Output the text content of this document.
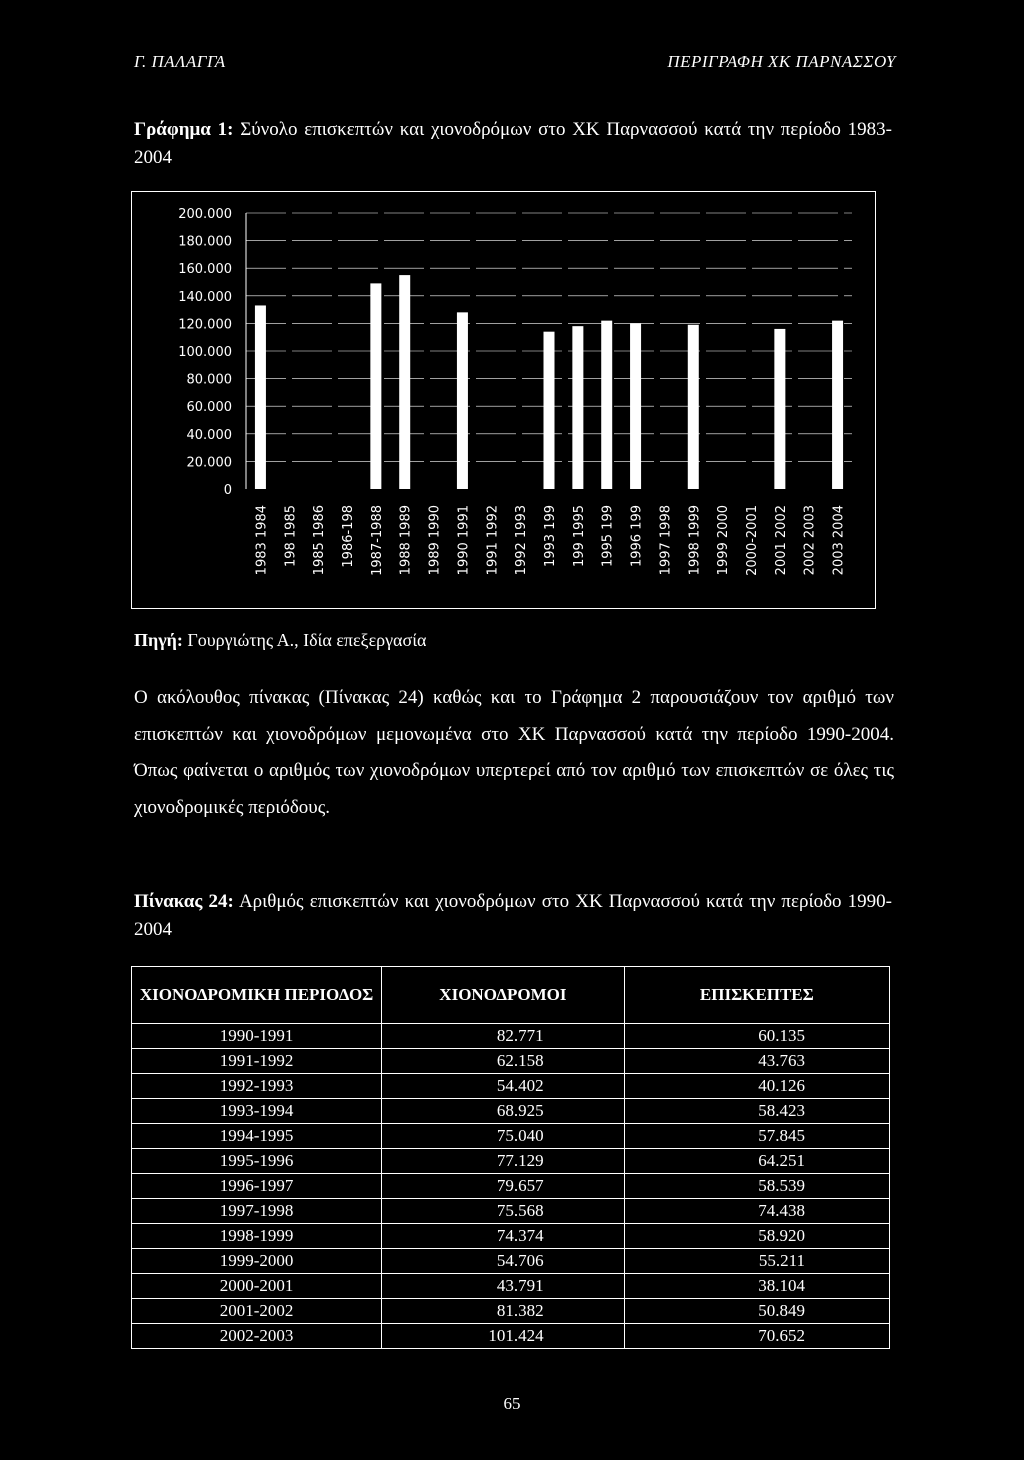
Γ. ΠΑΛΑΓΓΑ	ΠΕΡΙΓΡΑΦΗ ΧΚ ΠΑΡΝΑΣΣΟΥ
Γράφημα 1: Σύνολο επισκεπτών και χιονοδρόμων στο ΧΚ Παρνασσού κατά την περίοδο 1983-2004
200.000
180.000
160.000
140.000
120.000
100.000
80.000
60.000
40.000
20.000
0
1983 1984 198 1985 1985 1986 1986-198 1987-1988 1988 1989 1989 1990 1990 1991 1991 1992 1992 1993 1993 199 199 1995 1995 199 1996 199 1997 1998 1998 1999 1999 2000 2000-2001 2001 2002 2002 2003 2003 2004
Πηγή: Γουργιώτης Α., Ιδία επεξεργασία
Ο ακόλουθος πίνακας (Πίνακας 24) καθώς και το Γράφημα 2 παρουσιάζουν τον αριθμό των επισκεπτών και χιονοδρόμων μεμονωμένα στο ΧΚ Παρνασσού κατά την περίοδο 1990-2004. Όπως φαίνεται ο αριθμός των χιονοδρόμων υπερτερεί από τον αριθμό των επισκεπτών σε όλες τις χιονοδρομικές περιόδους.
Πίνακας 24: Αριθμός επισκεπτών και χιονοδρόμων στο ΧΚ Παρνασσού κατά την περίοδο 1990-2004
ΧΙΟΝΟΔΡΟΜΙΚΗ ΠΕΡΙΟΔΟΣ	ΧΙΟΝΟΔΡΟΜΟΙ	ΕΠΙΣΚΕΠΤΕΣ
1990-1991	82.771	60.135
1991-1992	62.158	43.763
1992-1993	54.402	40.126
1993-1994	68.925	58.423
1994-1995	75.040	57.845
1995-1996	77.129	64.251
1996-1997	79.657	58.539
1997-1998	75.568	74.438
1998-1999	74.374	58.920
1999-2000	54.706	55.211
2000-2001	43.791	38.104
2001-2002	81.382	50.849
2002-2003	101.424	70.652
65
